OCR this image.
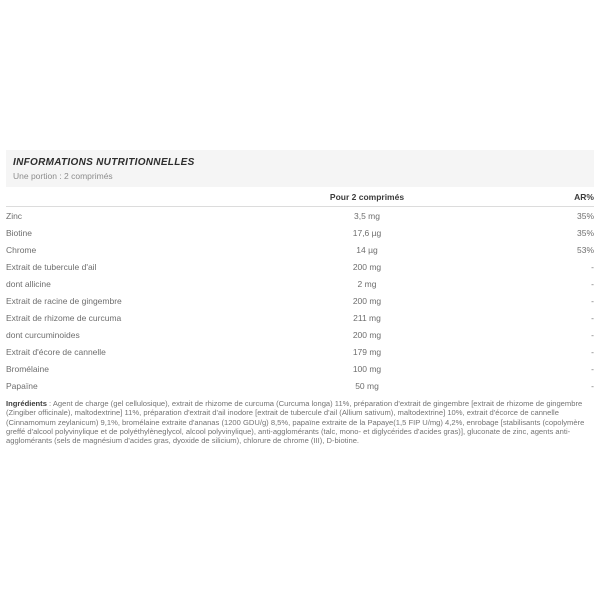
INFORMATIONS NUTRITIONNELLES
Une portion : 2 comprimés
Pour 2 comprimés	AR%
Zinc	3,5 mg	35%
Biotine	17,6 µg	35%
Chrome	14 µg	53%
Extrait de tubercule d'ail	200 mg	-
dont allicine	2 mg	-
Extrait de racine de gingembre	200 mg	-
Extrait de rhizome de curcuma	211 mg	-
dont curcuminoides	200 mg	-
Extrait d'écore de cannelle	179 mg	-
Bromélaine	100 mg	-
Papaïne	50 mg	-

Ingrédients : Agent de charge (gel cellulosique), extrait de rhizome de curcuma (Curcuma longa) 11%, préparation d'extrait de gingembre [extrait de rhizome de gingembre (Zingiber officinale), maltodextrine] 11%, préparation d'extrait d'ail inodore [extrait de tubercule d'ail (Allium sativum), maltodextrine] 10%, extrait d'écorce de cannelle (Cinnamomum zeylanicum) 9,1%, bromélaine extraite d'ananas (1200 GDU/g) 8,5%, papaïne extraite de la Papaye(1,5 FIP U/mg) 4,2%, enrobage [stabilisants (copolymère greffé d'alcool polyvinylique et de polyéthylèneglycol, alcool polyvinylique), anti-agglomérants (talc, mono- et diglycérides d'acides gras)], gluconate de zinc, agents anti-agglomérants (sels de magnésium d'acides gras, dyoxide de silicium), chlorure de chrome (III), D-biotine.
